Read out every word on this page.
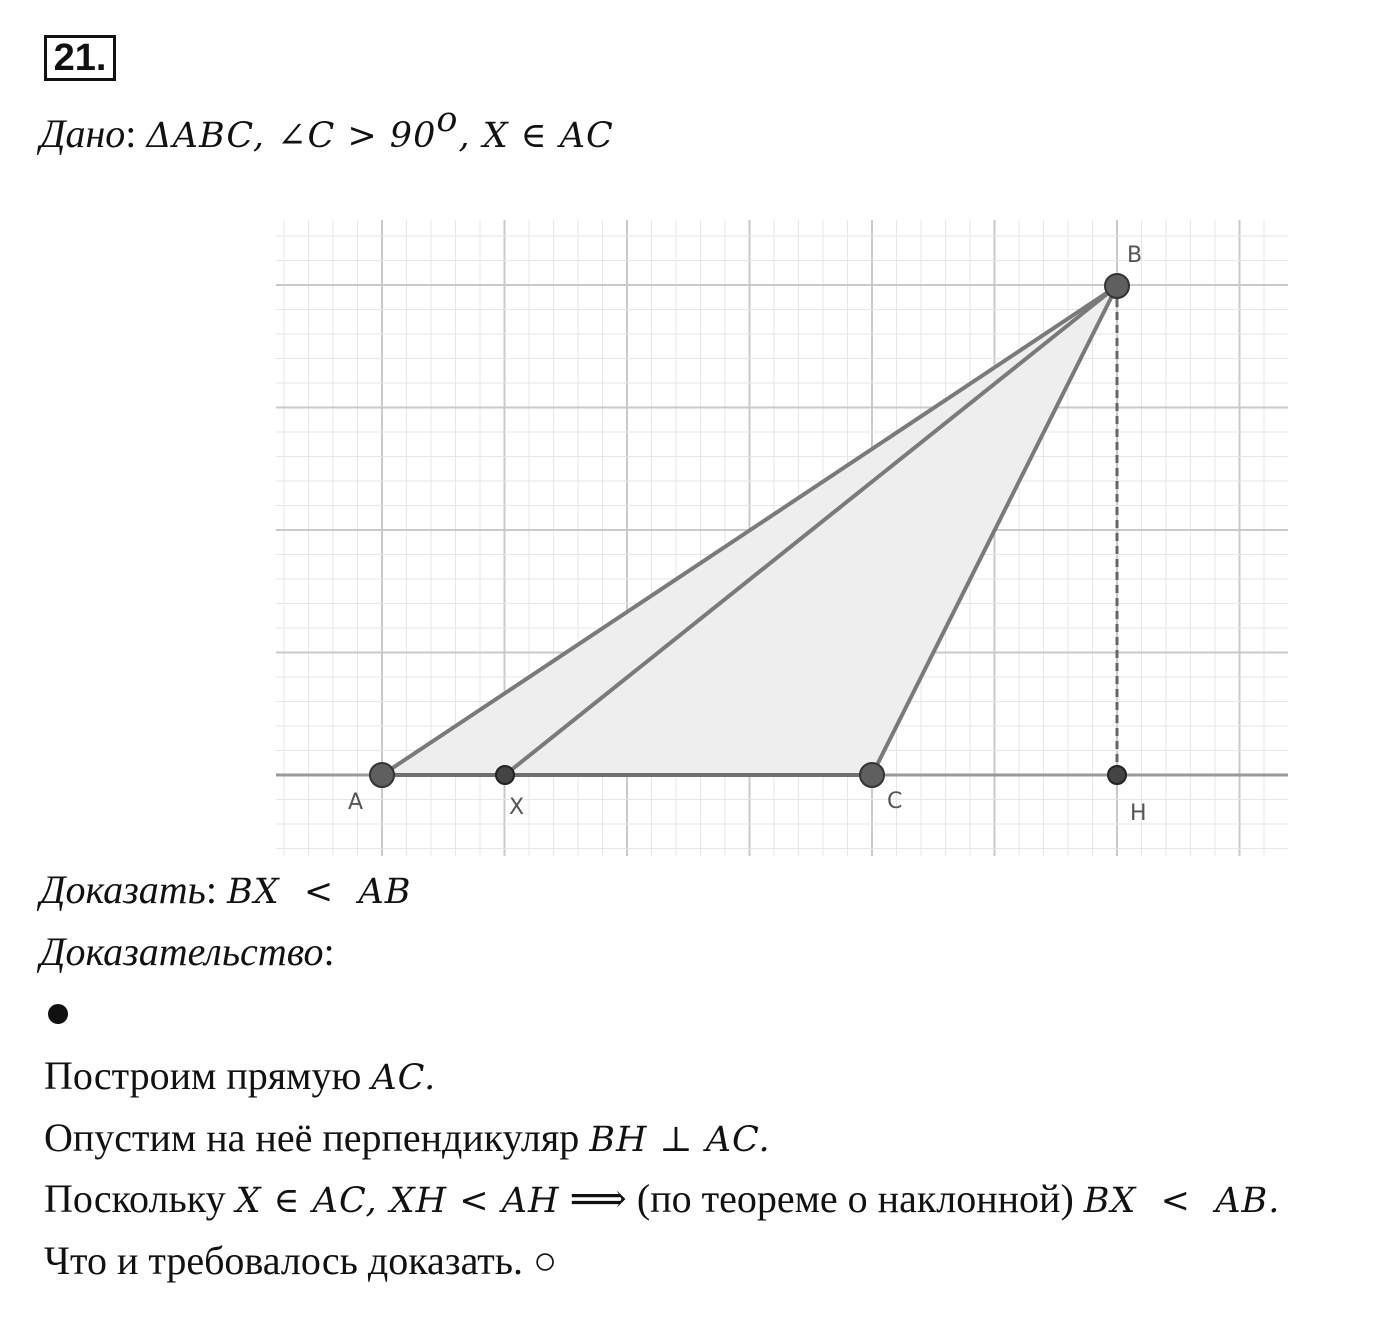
21.
Дано: ΔABC, ∠C > $90^o$, X ∈ AC
A	X	C	H
B
Доказать: BX  <  AB
Доказательство:
Построим прямую AC.
Опустим на неё перпендикуляр BH ⊥ AC.
Поскольку X ∈ AC, XH < AH ⟹ (по теореме о наклонной) BX  <  AB.
Что и требовалось доказать. ○
